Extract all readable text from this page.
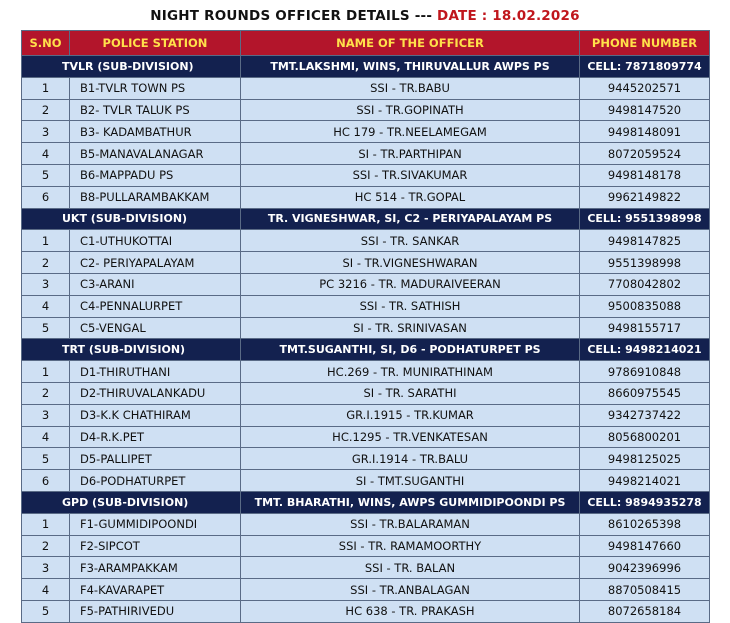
NIGHT ROUNDS OFFICER DETAILS --- DATE : 18.02.2026
S.NO	POLICE STATION	NAME OF THE OFFICER	PHONE NUMBER
TVLR (SUB-DIVISION)		TMT.LAKSHMI, WINS, THIRUVALLUR AWPS PS	CELL: 7871809774
1	B1-TVLR TOWN PS	SSI - TR.BABU	9445202571
2	B2- TVLR TALUK PS	SSI - TR.GOPINATH	9498147520
3	B3- KADAMBATHUR	HC 179 - TR.NEELAMEGAM	9498148091
4	B5-MANAVALANAGAR	SI - TR.PARTHIPAN	8072059524
5	B6-MAPPADU PS	SSI - TR.SIVAKUMAR	9498148178
6	B8-PULLARAMBAKKAM	HC 514 - TR.GOPAL	9962149822
UKT (SUB-DIVISION)		TR. VIGNESHWAR, SI, C2 - PERIYAPALAYAM PS	CELL: 9551398998
1	C1-UTHUKOTTAI	SSI - TR. SANKAR	9498147825
2	C2- PERIYAPALAYAM	SI - TR.VIGNESHWARAN	9551398998
3	C3-ARANI	PC 3216 - TR. MADURAIVEERAN	7708042802
4	C4-PENNALURPET	SSI - TR. SATHISH	9500835088
5	C5-VENGAL	SI - TR. SRINIVASAN	9498155717
TRT (SUB-DIVISION)		TMT.SUGANTHI, SI, D6 - PODHATURPET PS	CELL: 9498214021
1	D1-THIRUTHANI	HC.269 - TR. MUNIRATHINAM	9786910848
2	D2-THIRUVALANKADU	SI - TR. SARATHI	8660975545
3	D3-K.K CHATHIRAM	GR.I.1915 - TR.KUMAR	9342737422
4	D4-R.K.PET	HC.1295 - TR.VENKATESAN	8056800201
5	D5-PALLIPET	GR.I.1914 - TR.BALU	9498125025
6	D6-PODHATURPET	SI - TMT.SUGANTHI	9498214021
GPD (SUB-DIVISION)		TMT. BHARATHI, WINS, AWPS GUMMIDIPOONDI PS	CELL: 9894935278
1	F1-GUMMIDIPOONDI	SSI - TR.BALARAMAN	8610265398
2	F2-SIPCOT	SSI - TR. RAMAMOORTHY	9498147660
3	F3-ARAMPAKKAM	SSI - TR. BALAN	9042396996
4	F4-KAVARAPET	SSI - TR.ANBALAGAN	8870508415
5	F5-PATHIRIVEDU	HC 638 - TR. PRAKASH	8072658184
